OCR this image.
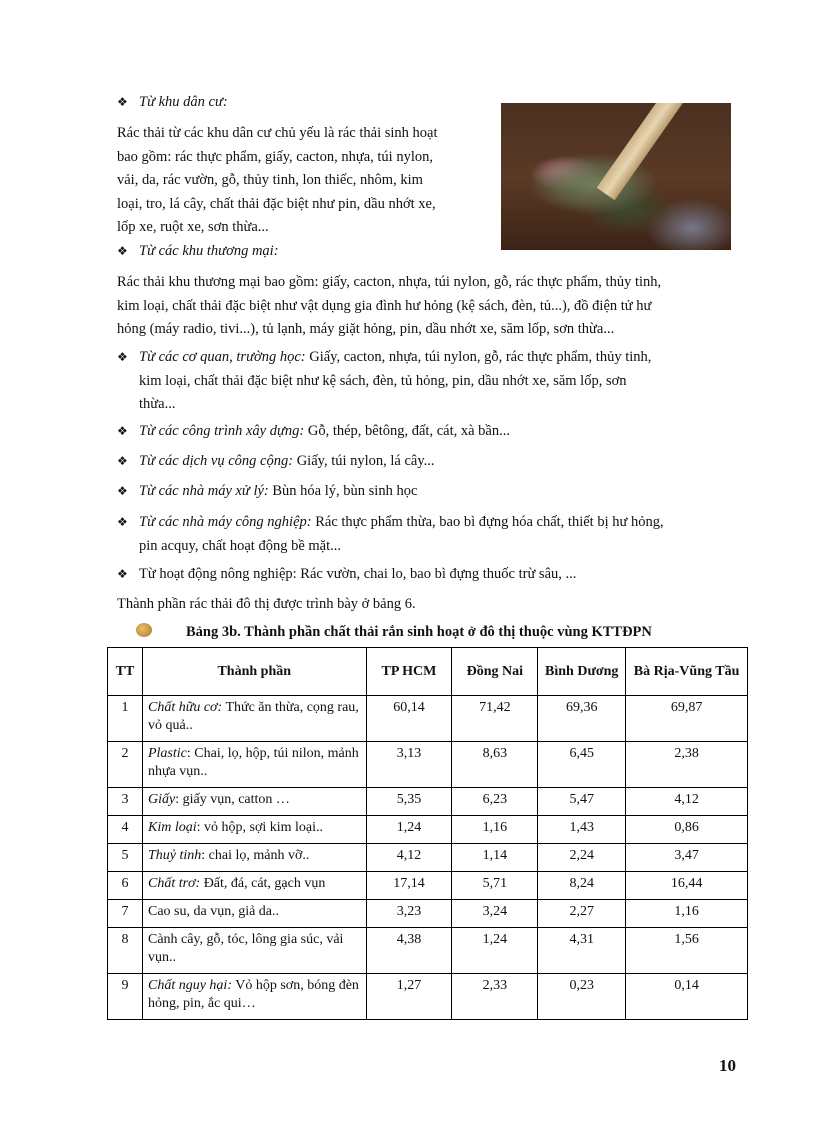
❖ Từ khu dân cư:
Rác thải từ các khu dân cư chủ yếu là rác thải sinh hoạt
bao gồm: rác thực phẩm, giấy, cacton, nhựa, túi nylon,
vải, da, rác vườn, gỗ, thủy tinh, lon thiếc, nhôm, kim
loại, tro, lá cây, chất thải đặc biệt như pin, dầu nhớt xe,
lốp xe, ruột xe, sơn thừa...
❖ Từ các khu thương mại:
Rác thải khu thương mại bao gồm: giấy, cacton, nhựa, túi nylon, gỗ, rác thực phẩm, thủy tinh,
kim loại, chất thải đặc biệt như vật dụng gia đình hư hỏng (kệ sách, đèn, tủ...), đồ điện tử hư
hỏng (máy radio, tivi...), tủ lạnh, máy giặt hỏng, pin, dầu nhớt xe, săm lốp, sơn thừa...
❖ Từ các cơ quan, trường học: Giấy, cacton, nhựa, túi nylon, gỗ, rác thực phẩm, thủy tinh,
kim loại, chất thải đặc biệt như kệ sách, đèn, tủ hỏng, pin, dầu nhớt xe, săm lốp, sơn
thừa...
❖ Từ các công trình xây dựng: Gỗ, thép, bêtông, đất, cát, xà bần...
❖ Từ các dịch vụ công cộng: Giấy, túi nylon, lá cây...
❖ Từ các nhà máy xử lý: Bùn hóa lý, bùn sinh học
❖ Từ các nhà máy công nghiệp: Rác thực phẩm thừa, bao bì đựng hóa chất, thiết bị hư hỏng,
pin acquy, chất hoạt động bề mặt...
❖ Từ hoạt động nông nghiệp: Rác vườn, chai lo, bao bì đựng thuốc trừ sâu, ...
Thành phần rác thải đô thị được trình bày ở bảng 6.
Bảng 3b. Thành phần chất thải rắn sinh hoạt ở đô thị thuộc vùng KTTĐPN
TT	Thành phần	TP HCM	Đồng Nai	Bình Dương	Bà Rịa-Vũng Tầu
1	Chất hữu cơ: Thức ăn thừa, cọng rau, vỏ quả..	60,14	71,42	69,36	69,87
2	Plastic: Chai, lọ, hộp, túi nilon, mảnh nhựa vụn..	3,13	8,63	6,45	2,38
3	Giấy: giấy vụn, catton …	5,35	6,23	5,47	4,12
4	Kim loại: vỏ hộp, sợi kim loại..	1,24	1,16	1,43	0,86
5	Thuỷ tinh: chai lọ, mảnh vỡ..	4,12	1,14	2,24	3,47
6	Chất trơ: Đất, đá, cát, gạch vụn	17,14	5,71	8,24	16,44
7	Cao su, da vụn, giả da..	3,23	3,24	2,27	1,16
8	Cành cây, gỗ, tóc, lông gia súc, vải vụn..	4,38	1,24	4,31	1,56
9	Chất nguy hại: Vỏ hộp sơn, bóng đèn hỏng, pin, ắc qui…	1,27	2,33	0,23	0,14
10
